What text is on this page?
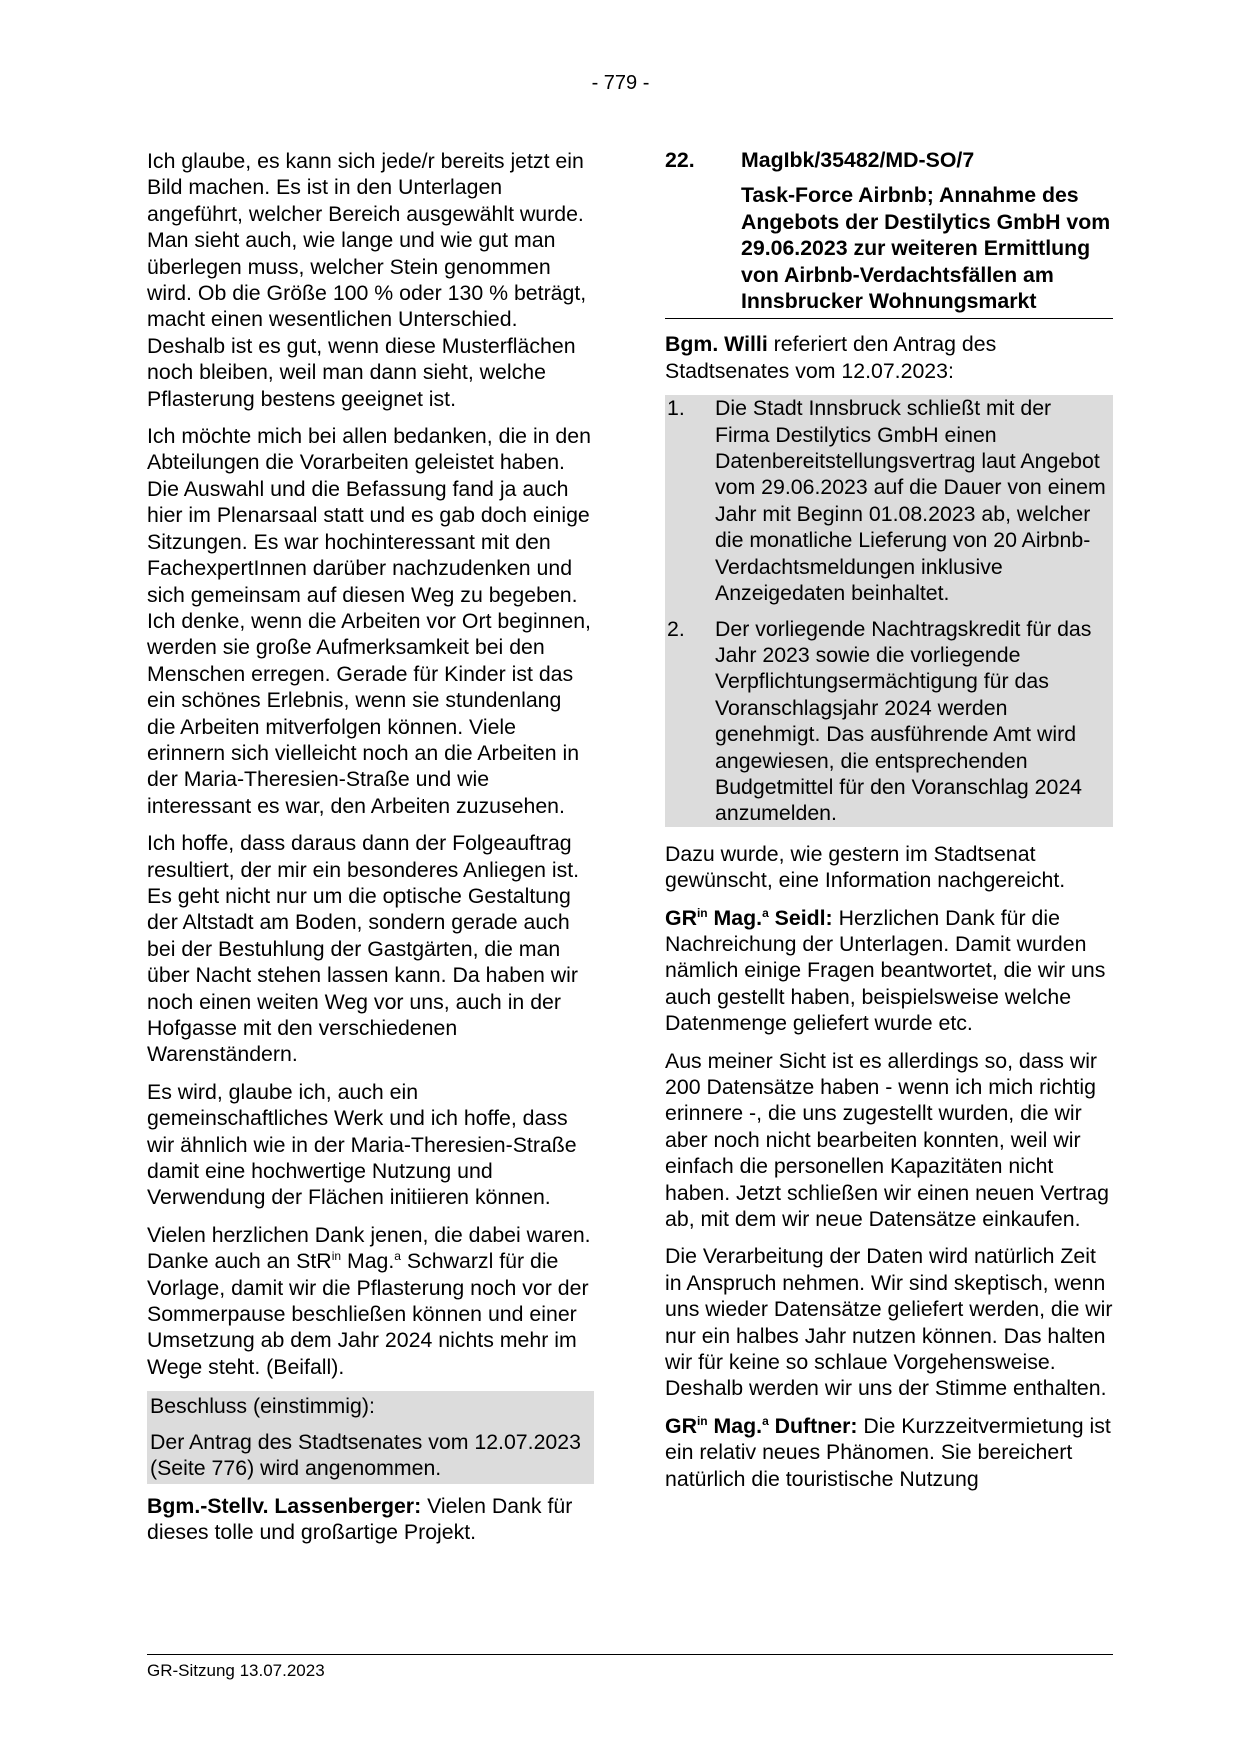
- 779 -

Ich glaube, es kann sich jede/r bereits jetzt ein Bild machen. Es ist in den Unterlagen angeführt, welcher Bereich ausgewählt wurde. Man sieht auch, wie lange und wie gut man überlegen muss, welcher Stein genommen wird. Ob die Größe 100 % oder 130 % beträgt, macht einen wesentlichen Unterschied. Deshalb ist es gut, wenn diese Musterflächen noch bleiben, weil man dann sieht, welche Pflasterung bestens geeignet ist.

Ich möchte mich bei allen bedanken, die in den Abteilungen die Vorarbeiten geleistet haben. Die Auswahl und die Befassung fand ja auch hier im Plenarsaal statt und es gab doch einige Sitzungen. Es war hochinteressant mit den FachexpertInnen darüber nachzudenken und sich gemeinsam auf diesen Weg zu begeben. Ich denke, wenn die Arbeiten vor Ort beginnen, werden sie große Aufmerksamkeit bei den Menschen erregen. Gerade für Kinder ist das ein schönes Erlebnis, wenn sie stundenlang die Arbeiten mitverfolgen können. Viele erinnern sich vielleicht noch an die Arbeiten in der Maria-Theresien-Straße und wie interessant es war, den Arbeiten zuzusehen.

Ich hoffe, dass daraus dann der Folgeauftrag resultiert, der mir ein besonderes Anliegen ist. Es geht nicht nur um die optische Gestaltung der Altstadt am Boden, sondern gerade auch bei der Bestuhlung der Gastgärten, die man über Nacht stehen lassen kann. Da haben wir noch einen weiten Weg vor uns, auch in der Hofgasse mit den verschiedenen Warenständern.

Es wird, glaube ich, auch ein gemeinschaftliches Werk und ich hoffe, dass wir ähnlich wie in der Maria-Theresien-Straße damit eine hochwertige Nutzung und Verwendung der Flächen initiieren können.

Vielen herzlichen Dank jenen, die dabei waren. Danke auch an StR$^{in}$ Mag.$^a$ Schwarzl für die Vorlage, damit wir die Pflasterung noch vor der Sommerpause beschließen können und einer Umsetzung ab dem Jahr 2024 nichts mehr im Wege steht. (Beifall).

Beschluss (einstimmig):

Der Antrag des Stadtsenates vom 12.07.2023 (Seite 776) wird angenommen.

Bgm.-Stellv. Lassenberger: Vielen Dank für dieses tolle und großartige Projekt.

22. MagIbk/35482/MD-SO/7
Task-Force Airbnb; Annahme des Angebots der Destilytics GmbH vom 29.06.2023 zur weiteren Ermittlung von Airbnb-Verdachtsfällen am Innsbrucker Wohnungsmarkt

Bgm. Willi referiert den Antrag des Stadtsenates vom 12.07.2023:

1. Die Stadt Innsbruck schließt mit der Firma Destilytics GmbH einen Datenbereitstellungsvertrag laut Angebot vom 29.06.2023 auf die Dauer von einem Jahr mit Beginn 01.08.2023 ab, welcher die monatliche Lieferung von 20 Airbnb-Verdachtsmeldungen inklusive Anzeigedaten beinhaltet.
2. Der vorliegende Nachtragskredit für das Jahr 2023 sowie die vorliegende Verpflichtungsermächtigung für das Voranschlagsjahr 2024 werden genehmigt. Das ausführende Amt wird angewiesen, die entsprechenden Budgetmittel für den Voranschlag 2024 anzumelden.

Dazu wurde, wie gestern im Stadtsenat gewünscht, eine Information nachgereicht.

$GR^{in}$ Mag.$^a$ Seidl: Herzlichen Dank für die Nachreichung der Unterlagen. Damit wurden nämlich einige Fragen beantwortet, die wir uns auch gestellt haben, beispielsweise welche Datenmenge geliefert wurde etc.

Aus meiner Sicht ist es allerdings so, dass wir 200 Datensätze haben - wenn ich mich richtig erinnere -, die uns zugestellt wurden, die wir aber noch nicht bearbeiten konnten, weil wir einfach die personellen Kapazitäten nicht haben. Jetzt schließen wir einen neuen Vertrag ab, mit dem wir neue Datensätze einkaufen.

Die Verarbeitung der Daten wird natürlich Zeit in Anspruch nehmen. Wir sind skeptisch, wenn uns wieder Datensätze geliefert werden, die wir nur ein halbes Jahr nutzen können. Das halten wir für keine so schlaue Vorgehensweise. Deshalb werden wir uns der Stimme enthalten.

$GR^{in}$ Mag.$^a$ Duftner: Die Kurzzeitvermietung ist ein relativ neues Phänomen. Sie bereichert natürlich die touristische Nutzung

GR-Sitzung 13.07.2023
